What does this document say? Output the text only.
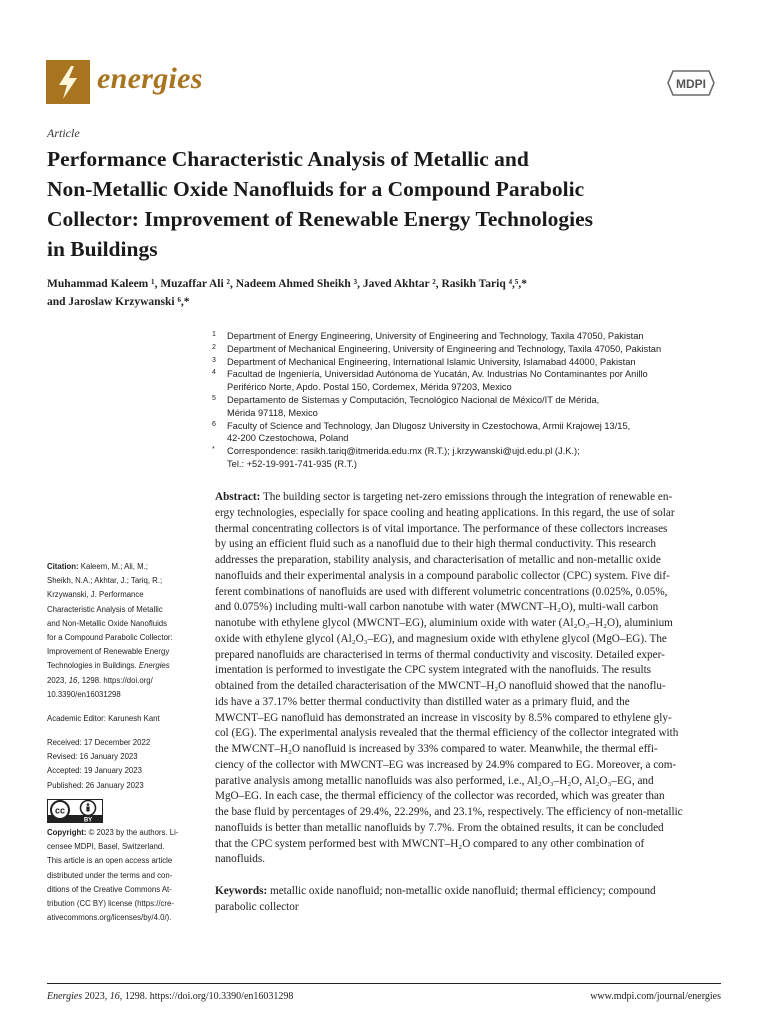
energies	MDPI
Article
Performance Characteristic Analysis of Metallic and
Non-Metallic Oxide Nanofluids for a Compound Parabolic
Collector: Improvement of Renewable Energy Technologies
in Buildings
Muhammad Kaleem ¹, Muzaffar Ali ², Nadeem Ahmed Sheikh ³, Javed Akhtar ², Rasikh Tariq ⁴,⁵,*
and Jaroslaw Krzywanski ⁶,*
1 Department of Energy Engineering, University of Engineering and Technology, Taxila 47050, Pakistan
2 Department of Mechanical Engineering, University of Engineering and Technology, Taxila 47050, Pakistan
3 Department of Mechanical Engineering, International Islamic University, Islamabad 44000, Pakistan
4 Facultad de Ingeniería, Universidad Autónoma de Yucatán, Av. Industrias No Contaminantes por Anillo
Periférico Norte, Apdo. Postal 150, Cordemex, Mérida 97203, Mexico
5 Departamento de Sistemas y Computación, Tecnológico Nacional de México/IT de Mérida,
Mérida 97118, Mexico
6 Faculty of Science and Technology, Jan Dlugosz University in Czestochowa, Armii Krajowej 13/15,
42-200 Czestochowa, Poland
* Correspondence: rasikh.tariq@itmerida.edu.mx (R.T.); j.krzywanski@ujd.edu.pl (J.K.);
Tel.: +52-19-991-741-935 (R.T.)
Citation: Kaleem, M.; Ali, M.;
Sheikh, N.A.; Akhtar, J.; Tariq, R.;
Krzywanski, J. Performance
Characteristic Analysis of Metallic
and Non-Metallic Oxide Nanofluids
for a Compound Parabolic Collector:
Improvement of Renewable Energy
Technologies in Buildings. Energies
2023, 16, 1298. https://doi.org/
10.3390/en16031298
Academic Editor: Karunesh Kant
Received: 17 December 2022
Revised: 16 January 2023
Accepted: 19 January 2023
Published: 26 January 2023
cc
BY
Copyright: © 2023 by the authors. Li-
censee MDPI, Basel, Switzerland.
This article is an open access article
distributed under the terms and con-
ditions of the Creative Commons At-
tribution (CC BY) license (https://cre-
ativecommons.org/licenses/by/4.0/).
Abstract: The building sector is targeting net-zero emissions through the integration of renewable en-
ergy technologies, especially for space cooling and heating applications. In this regard, the use of solar
thermal concentrating collectors is of vital importance. The performance of these collectors increases
by using an efficient fluid such as a nanofluid due to their high thermal conductivity. This research
addresses the preparation, stability analysis, and characterisation of metallic and non-metallic oxide
nanofluids and their experimental analysis in a compound parabolic collector (CPC) system. Five dif-
ferent combinations of nanofluids are used with different volumetric concentrations (0.025%, 0.05%,
and 0.075%) including multi-wall carbon nanotube with water (MWCNT–H₂O), multi-wall carbon
nanotube with ethylene glycol (MWCNT–EG), aluminium oxide with water (Al₂O₃–H₂O), aluminium
oxide with ethylene glycol (Al₂O₃–EG), and magnesium oxide with ethylene glycol (MgO–EG). The
prepared nanofluids are characterised in terms of thermal conductivity and viscosity. Detailed exper-
imentation is performed to investigate the CPC system integrated with the nanofluids. The results
obtained from the detailed characterisation of the MWCNT–H₂O nanofluid showed that the nanoflu-
ids have a 37.17% better thermal conductivity than distilled water as a primary fluid, and the
MWCNT–EG nanofluid has demonstrated an increase in viscosity by 8.5% compared to ethylene gly-
col (EG). The experimental analysis revealed that the thermal efficiency of the collector integrated with
the MWCNT–H₂O nanofluid is increased by 33% compared to water. Meanwhile, the thermal effi-
ciency of the collector with MWCNT–EG was increased by 24.9% compared to EG. Moreover, a com-
parative analysis among metallic nanofluids was also performed, i.e., Al₂O₃–H₂O, Al₂O₃–EG, and
MgO–EG. In each case, the thermal efficiency of the collector was recorded, which was greater than
the base fluid by percentages of 29.4%, 22.29%, and 23.1%, respectively. The efficiency of non-metallic
nanofluids is better than metallic nanofluids by 7.7%. From the obtained results, it can be concluded
that the CPC system performed best with MWCNT–H₂O compared to any other combination of
nanofluids.
Keywords: metallic oxide nanofluid; non-metallic oxide nanofluid; thermal efficiency; compound
parabolic collector
Energies 2023, 16, 1298. https://doi.org/10.3390/en16031298	www.mdpi.com/journal/energies
